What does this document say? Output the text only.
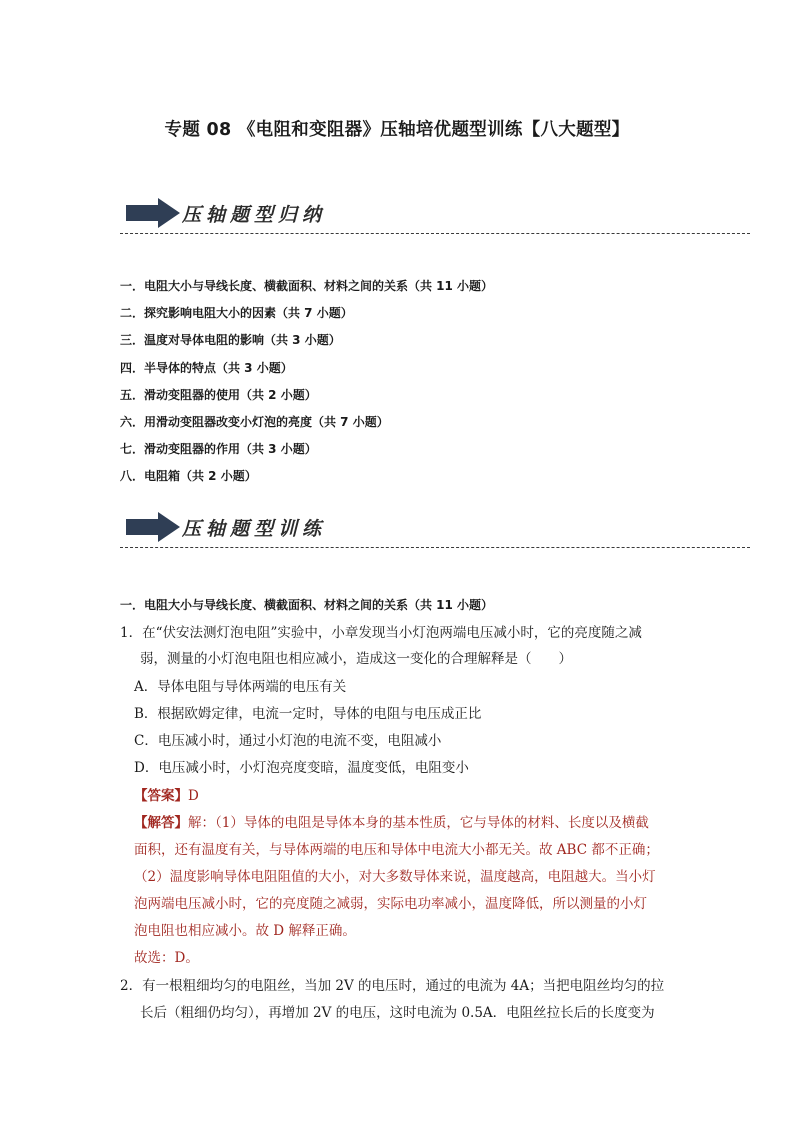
专题 08 《电阻和变阻器》压轴培优题型训练【八大题型】
压轴题型归纳
一．电阻大小与导线长度、横截面积、材料之间的关系（共 11 小题）
二．探究影响电阻大小的因素（共 7 小题）
三．温度对导体电阻的影响（共 3 小题）
四．半导体的特点（共 3 小题）
五．滑动变阻器的使用（共 2 小题）
六．用滑动变阻器改变小灯泡的亮度（共 7 小题）
七．滑动变阻器的作用（共 3 小题）
八．电阻箱（共 2 小题）
压轴题型训练
一．电阻大小与导线长度、横截面积、材料之间的关系（共 11 小题）
1．在“伏安法测灯泡电阻”实验中，小章发现当小灯泡两端电压减小时，它的亮度随之减
弱，测量的小灯泡电阻也相应减小，造成这一变化的合理解释是（　　）
A．导体电阻与导体两端的电压有关
B．根据欧姆定律，电流一定时，导体的电阻与电压成正比
C．电压减小时，通过小灯泡的电流不变，电阻减小
D．电压减小时，小灯泡亮度变暗，温度变低，电阻变小
【答案】D
【解答】解：（1）导体的电阻是导体本身的基本性质，它与导体的材料、长度以及横截
面积，还有温度有关，与导体两端的电压和导体中电流大小都无关。故 ABC 都不正确；
（2）温度影响导体电阻阻值的大小，对大多数导体来说，温度越高，电阻越大。当小灯
泡两端电压减小时，它的亮度随之减弱，实际电功率减小，温度降低，所以测量的小灯
泡电阻也相应减小。故 D 解释正确。
故选：D。
2．有一根粗细均匀的电阻丝，当加 2V 的电压时，通过的电流为 4A；当把电阻丝均匀的拉
长后（粗细仍均匀），再增加 2V 的电压，这时电流为 0.5A．电阻丝拉长后的长度变为
